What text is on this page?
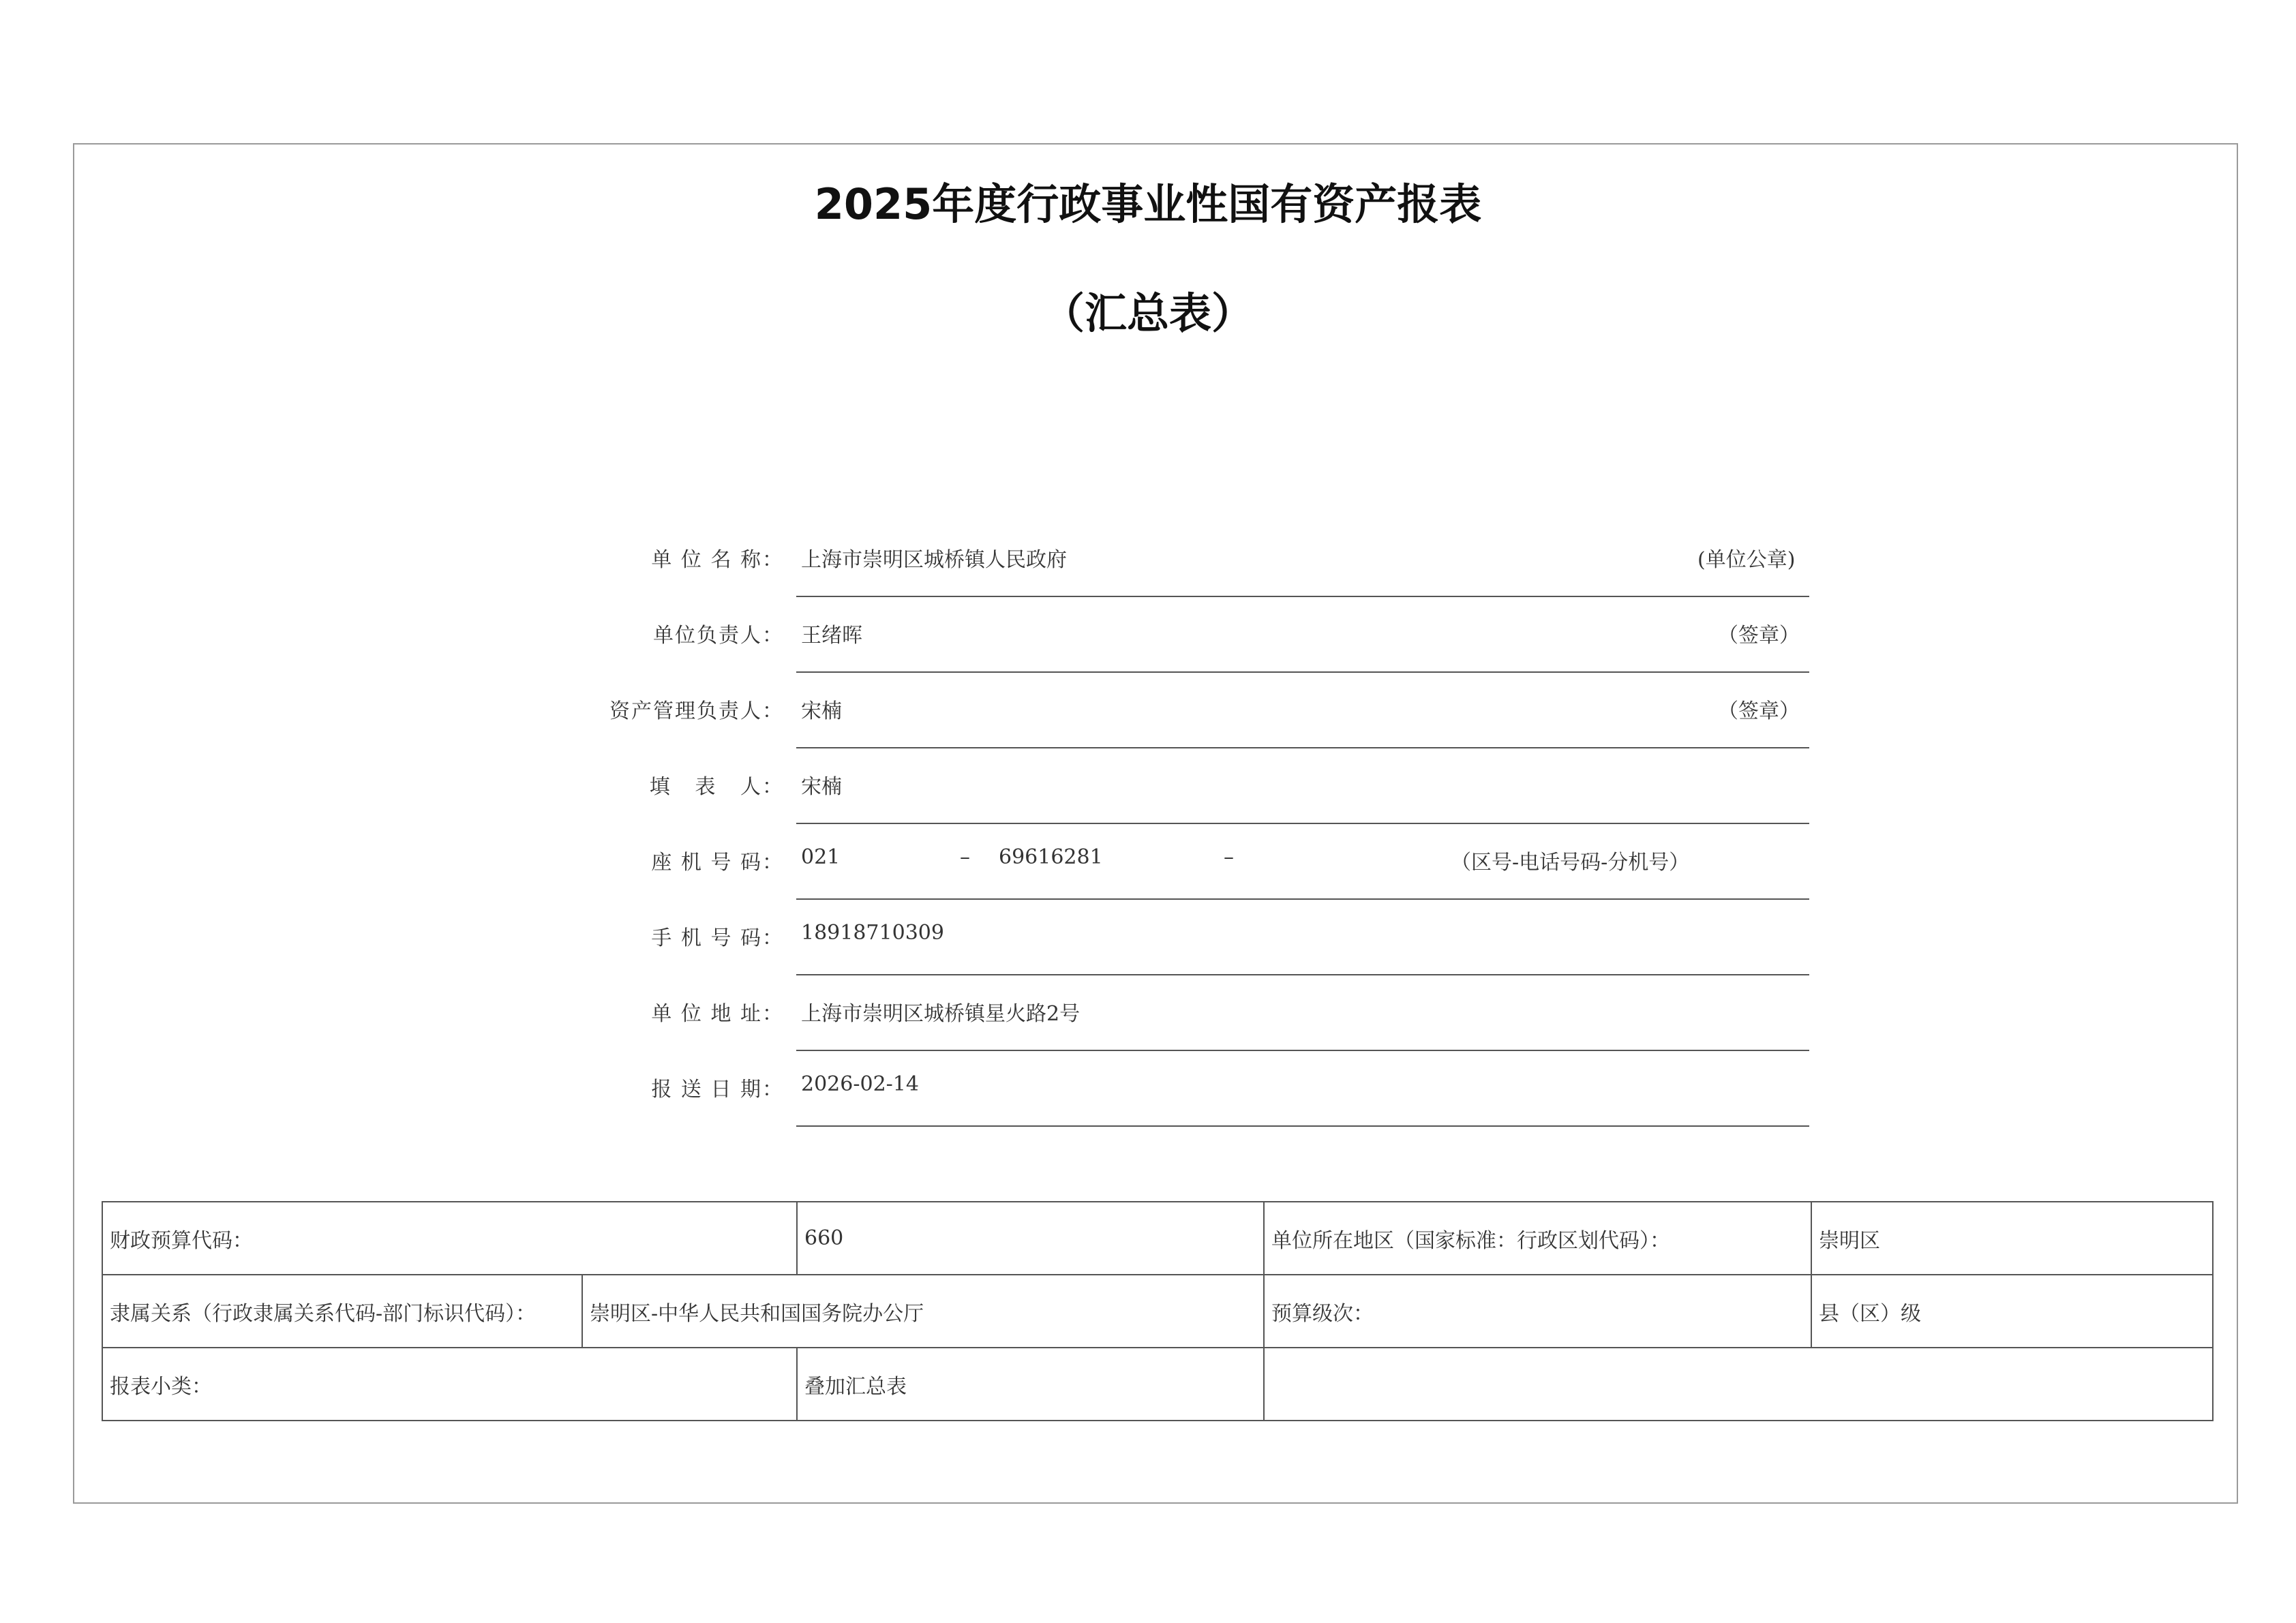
2025年度行政事业性国有资产报表
（汇总表）
单 位 名 称： 上海市崇明区城桥镇人民政府	(单位公章)
单位负责人： 王绪晖	（签章）
资产管理负责人： 宋楠	（签章）
填   表   人： 宋楠
座 机 号 码： 021	– 69616281	–	（区号-电话号码-分机号）
手 机 号 码： 18918710309
单 位 地 址： 上海市崇明区城桥镇星火路2号
报 送 日 期： 2026-02-14
财政预算代码：		660	单位所在地区（国家标准：行政区划代码）：	崇明区
隶属关系（行政隶属关系代码-部门标识代码）：	崇明区-中华人民共和国国务院办公厅		预算级次：	县（区）级
报表小类：		叠加汇总表		
